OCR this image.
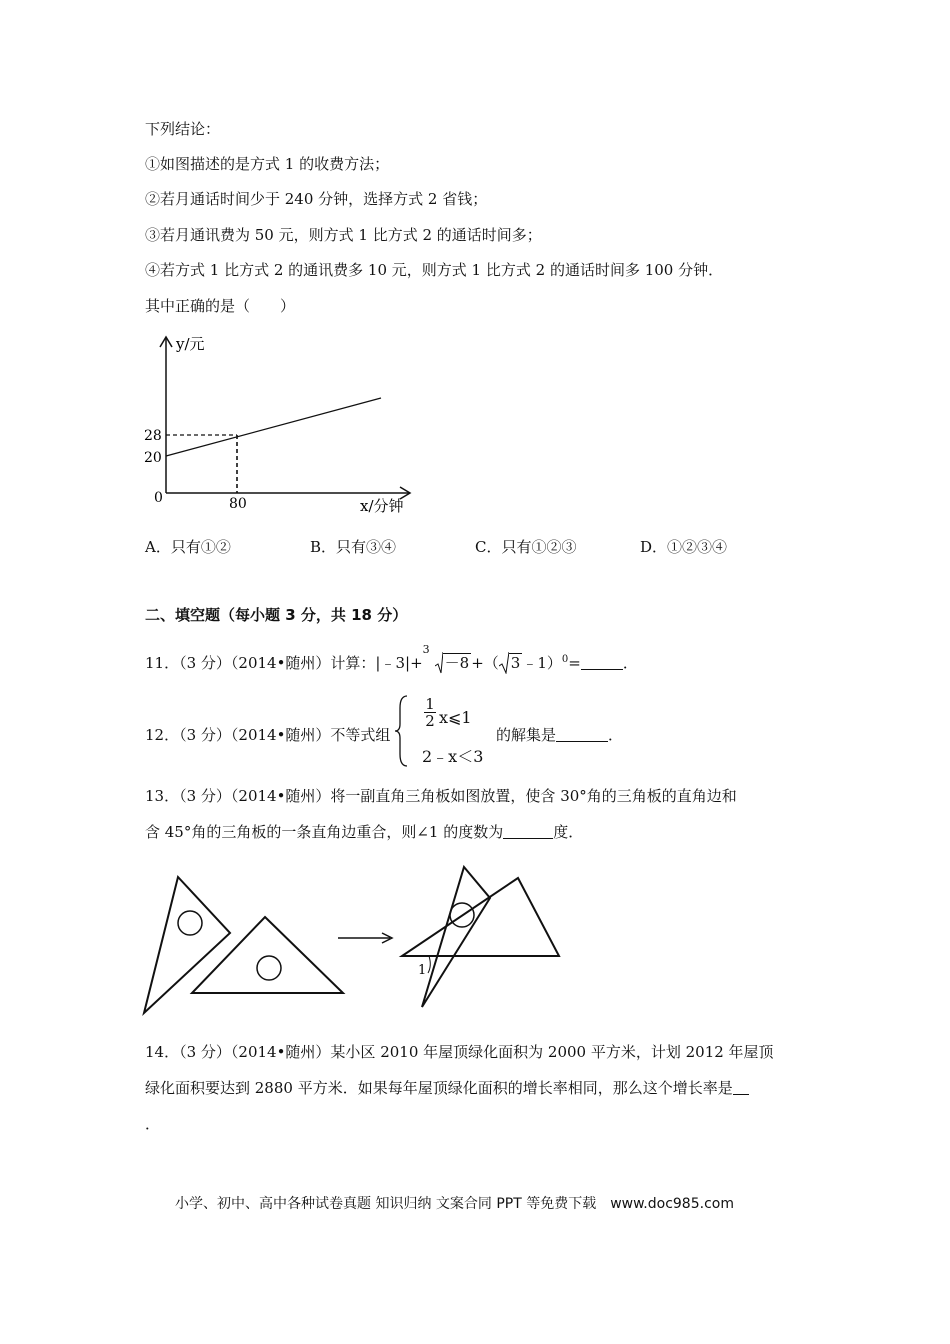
下列结论：
①如图描述的是方式 1 的收费方法；
②若月通话时间少于 240 分钟，选择方式 2 省钱；
③若月通讯费为 50 元，则方式 1 比方式 2 的通话时间多；
④若方式 1 比方式 2 的通讯费多 10 元，则方式 1 比方式 2 的通话时间多 100 分钟．
其中正确的是（　　）
y/元
x/分钟
0
28
20
80
A．只有①②	B．只有③④	C．只有①②③	D．①②③④
二、填空题（每小题 3 分，共 18 分）
11．（3 分）（2014•随州）计算：|﹣3|+
3
－8 +（ 3 ﹣1）$^0$=	．
12．（3 分）（2014•随州）不等式组
$\frac{1}{2}$ x⩽1
2﹣x＜3
的解集是	．
13．（3 分）（2014•随州）将一副直角三角板如图放置，使含 30°角的三角板的直角边和
含 45°角的三角板的一条直角边重合，则∠1 的度数为	度．
1
14．（3 分）（2014•随州）某小区 2010 年屋顶绿化面积为 2000 平方米，计划 2012 年屋顶
绿化面积要达到 2880 平方米．如果每年屋顶绿化面积的增长率相同，那么这个增长率是
．
小学、初中、高中各种试卷真题 知识归纳 文案合同 PPT 等免费下载　www.doc985.com
